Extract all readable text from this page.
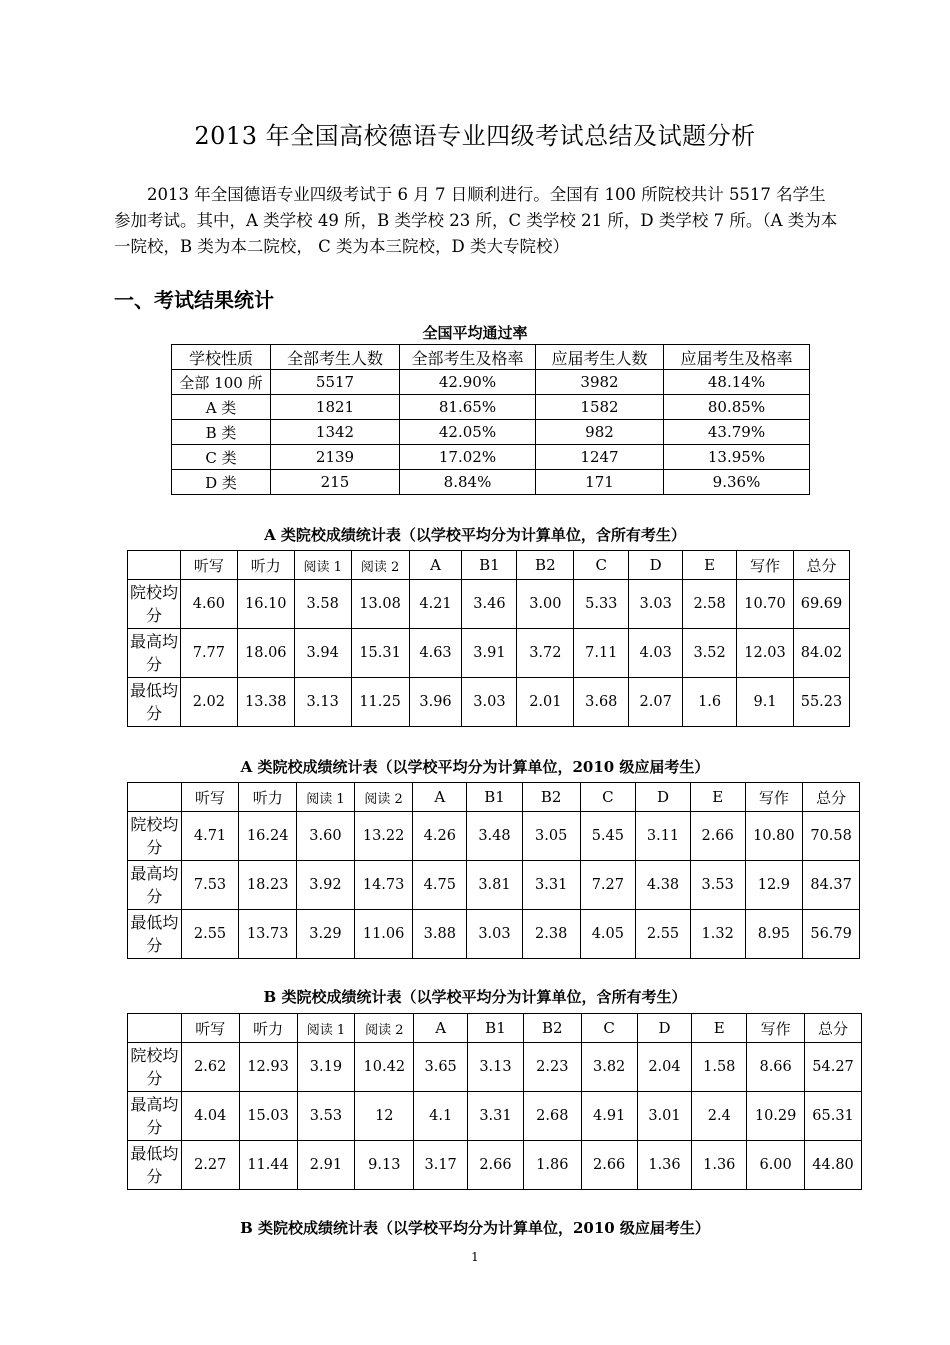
2013 年全国高校德语专业四级考试总结及试题分析
2013 年全国德语专业四级考试于 6 月 7 日顺利进行。全国有 100 所院校共计 5517 名学生参加考试。其中，A 类学校 49 所，B 类学校 23 所，C 类学校 21 所，D 类学校 7 所。（A 类为本一院校，B 类为本二院校， C 类为本三院校，D 类大专院校）
一、考试结果统计
全国平均通过率
学校性质	全部考生人数	全部考生及格率	应届考生人数	应届考生及格率
全部 100 所	5517	42.90%	3982	48.14%
A 类	1821	81.65%	1582	80.85%
B 类	1342	42.05%	982	43.79%
C 类	2139	17.02%	1247	13.95%
D 类	215	8.84%	171	9.36%
A 类院校成绩统计表（以学校平均分为计算单位，含所有考生）
	听写	听力	阅读 1	阅读 2	A	B1	B2	C	D	E	写作	总分
院校均分	4.60	16.10	3.58	13.08	4.21	3.46	3.00	5.33	3.03	2.58	10.70	69.69
最高均分	7.77	18.06	3.94	15.31	4.63	3.91	3.72	7.11	4.03	3.52	12.03	84.02
最低均分	2.02	13.38	3.13	11.25	3.96	3.03	2.01	3.68	2.07	1.6	9.1	55.23
A 类院校成绩统计表（以学校平均分为计算单位，2010 级应届考生）
	听写	听力	阅读 1	阅读 2	A	B1	B2	C	D	E	写作	总分
院校均分	4.71	16.24	3.60	13.22	4.26	3.48	3.05	5.45	3.11	2.66	10.80	70.58
最高均分	7.53	18.23	3.92	14.73	4.75	3.81	3.31	7.27	4.38	3.53	12.9	84.37
最低均分	2.55	13.73	3.29	11.06	3.88	3.03	2.38	4.05	2.55	1.32	8.95	56.79
B 类院校成绩统计表（以学校平均分为计算单位，含所有考生）
	听写	听力	阅读 1	阅读 2	A	B1	B2	C	D	E	写作	总分
院校均分	2.62	12.93	3.19	10.42	3.65	3.13	2.23	3.82	2.04	1.58	8.66	54.27
最高均分	4.04	15.03	3.53	12	4.1	3.31	2.68	4.91	3.01	2.4	10.29	65.31
最低均分	2.27	11.44	2.91	9.13	3.17	2.66	1.86	2.66	1.36	1.36	6.00	44.80
B 类院校成绩统计表（以学校平均分为计算单位，2010 级应届考生）
1
